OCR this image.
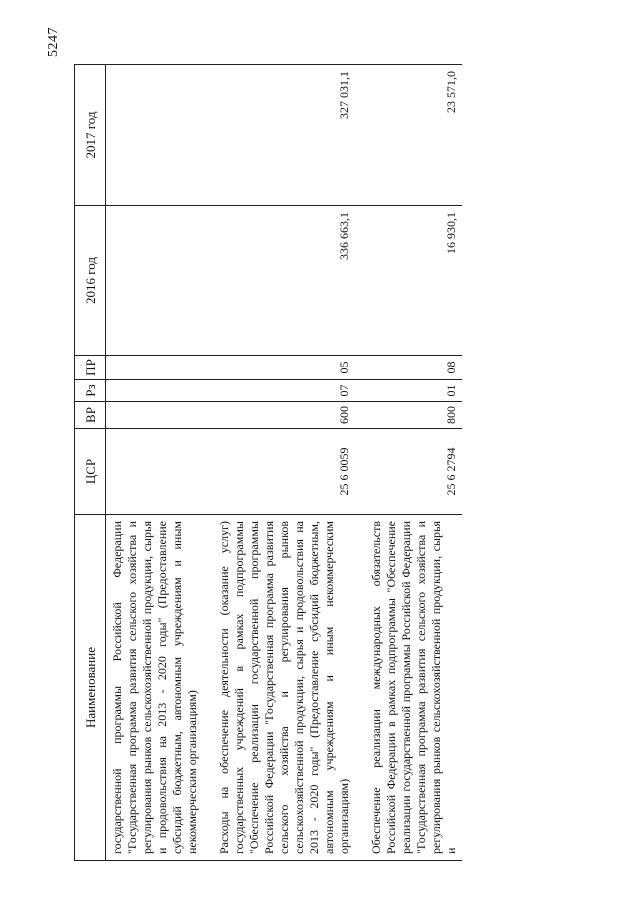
5247
Наименование	ЦСР	ВР	Рз	ПР	2016 год	2017 год
государственной программы Российской Федерации "Государственная программа развития сельского хозяйства и регулирования рынков сельскохозяйственной продукции, сырья и продовольствия на 2013 - 2020 годы" (Предоставление субсидий бюджетным, автономным учреждениям и иным некоммерческим организациям)						

Расходы на обеспечение деятельности (оказание услуг) государственных учреждений в рамках подпрограммы "Обеспечение реализации государственной программы Российской Федерации "Государственная программа развития сельского хозяйства и регулирования рынков сельскохозяйственной продукции, сырья и продовольствия на 2013 - 2020 годы" (Предоставление субсидий бюджетным, автономным учреждениям и иным некоммерческим организациям)	25 6 0059	600	07	05	336 663,1	327 031,1

Обеспечение реализации международных обязательств Российской Федерации в рамках подпрограммы "Обеспечение реализации государственной программы Российской Федерации "Государственная программа развития сельского хозяйства и регулирования рынков сельскохозяйственной продукции, сырья и	25 6 2794	800	01	08	16 930,1	23 571,0
